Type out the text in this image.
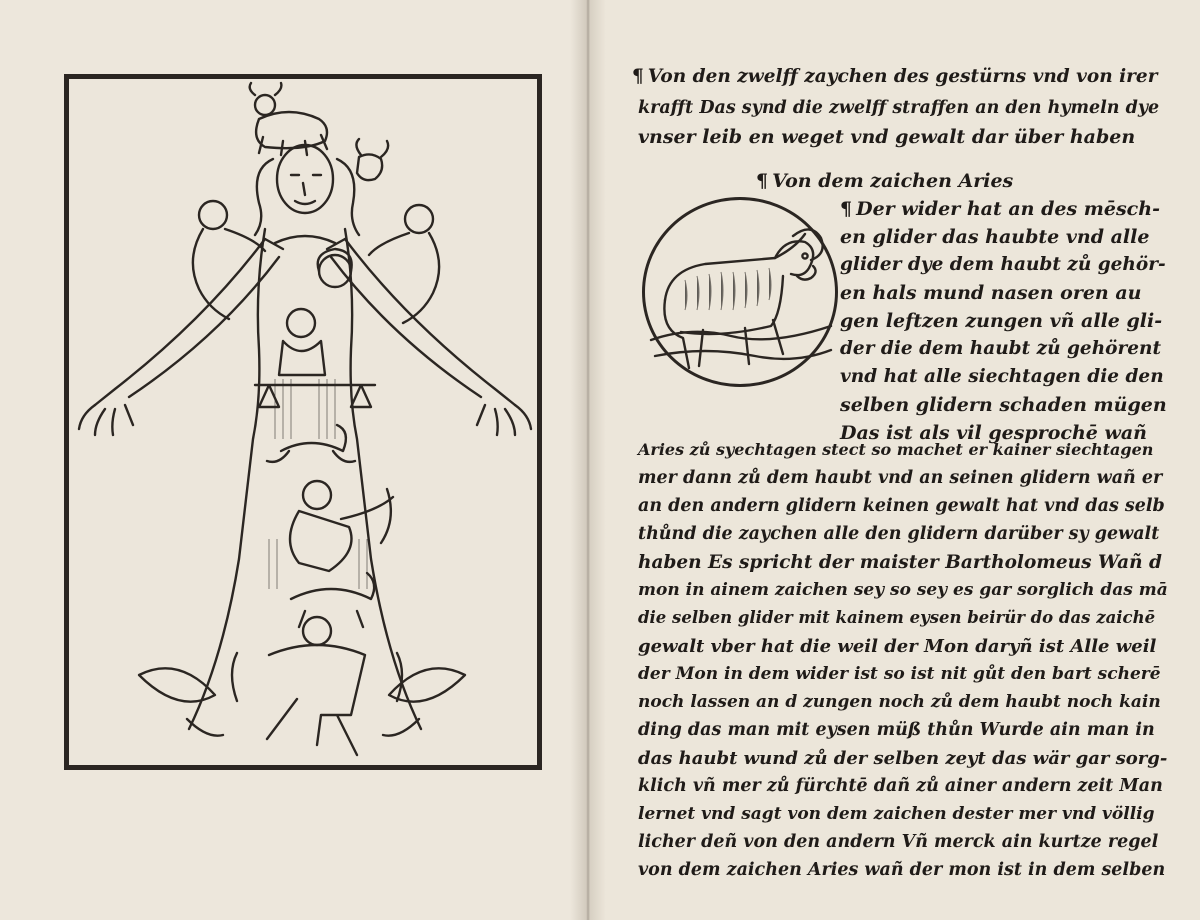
¶ Von den zwelff zaychen des gestürns vnd von irer
krafft Das synd die zwelff straffen an den hymeln dye
vnser leib en weget vnd gewalt dar über haben
¶ Von dem zaichen Aries
¶ Der wider hat an des mēsch-
en glider das haubte vnd alle
glider dye dem haubt zů gehör-
en hals mund nasen oren au
gen leftzen zungen vñ alle gli-
der die dem haubt zů gehörent
vnd hat alle siechtagen die den
selben glidern schaden mügen
Das ist als vil gesprochē wañ
Aries zů syechtagen stect so machet er kainer siechtagen
mer dann zů dem haubt vnd an seinen glidern wañ er
an den andern glidern keinen gewalt hat vnd das selb
thůnd die zaychen alle den glidern darüber sy gewalt
haben Es spricht der maister Bartholomeus Wañ d
mon in ainem zaichen sey so sey es gar sorglich das mā
die selben glider mit kainem eysen beirür do das zaichē
gewalt vber hat die weil der Mon daryñ ist Alle weil
der Mon in dem wider ist so ist nit gůt den bart scherē
noch lassen an d zungen noch zů dem haubt noch kain
ding das man mit eysen müß thůn Wurde ain man in
das haubt wund zů der selben zeyt das wär gar sorg-
klich vñ mer zů fürchtē dañ zů ainer andern zeit Man
lernet vnd sagt von dem zaichen dester mer vnd völlig
licher deñ von den andern Vñ merck ain kurtze regel
von dem zaichen Aries wañ der mon ist in dem selben
